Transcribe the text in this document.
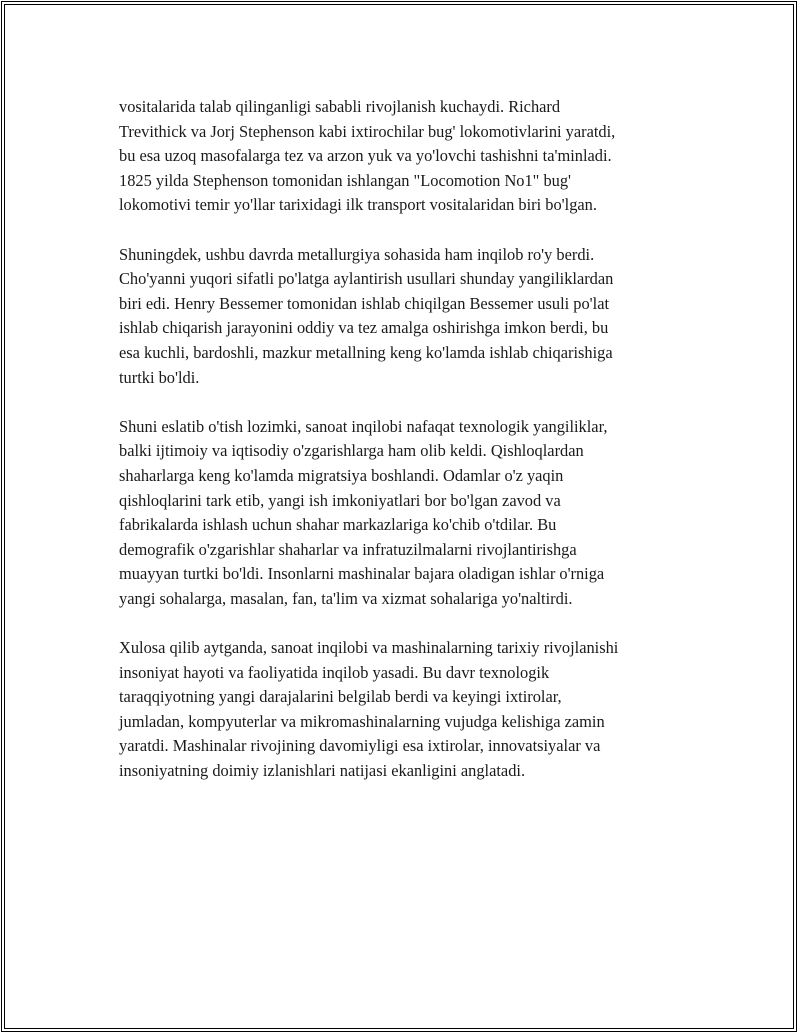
vositalarida talab qilinganligi sababli rivojlanish kuchaydi. Richard
Trevithick va Jorj Stephenson kabi ixtirochilar bug' lokomotivlarini yaratdi,
bu esa uzoq masofalarga tez va arzon yuk va yo'lovchi tashishni ta'minladi.
1825 yilda Stephenson tomonidan ishlangan "Locomotion No1" bug'
lokomotivi temir yo'llar tarixidagi ilk transport vositalaridan biri bo'lgan.

Shuningdek, ushbu davrda metallurgiya sohasida ham inqilob ro'y berdi.
Cho'yanni yuqori sifatli po'latga aylantirish usullari shunday yangiliklardan
biri edi. Henry Bessemer tomonidan ishlab chiqilgan Bessemer usuli po'lat
ishlab chiqarish jarayonini oddiy va tez amalga oshirishga imkon berdi, bu
esa kuchli, bardoshli, mazkur metallning keng ko'lamda ishlab chiqarishiga
turtki bo'ldi.

Shuni eslatib o'tish lozimki, sanoat inqilobi nafaqat texnologik yangiliklar,
balki ijtimoiy va iqtisodiy o'zgarishlarga ham olib keldi. Qishloqlardan
shaharlarga keng ko'lamda migratsiya boshlandi. Odamlar o'z yaqin
qishloqlarini tark etib, yangi ish imkoniyatlari bor bo'lgan zavod va
fabrikalarda ishlash uchun shahar markazlariga ko'chib o'tdilar. Bu
demografik o'zgarishlar shaharlar va infratuzilmalarni rivojlantirishga
muayyan turtki bo'ldi. Insonlarni mashinalar bajara oladigan ishlar o'rniga
yangi sohalarga, masalan, fan, ta'lim va xizmat sohalariga yo'naltirdi.

Xulosa qilib aytganda, sanoat inqilobi va mashinalarning tarixiy rivojlanishi
insoniyat hayoti va faoliyatida inqilob yasadi. Bu davr texnologik
taraqqiyotning yangi darajalarini belgilab berdi va keyingi ixtirolar,
jumladan, kompyuterlar va mikromashinalarning vujudga kelishiga zamin
yaratdi. Mashinalar rivojining davomiyligi esa ixtirolar, innovatsiyalar va
insoniyatning doimiy izlanishlari natijasi ekanligini anglatadi.
